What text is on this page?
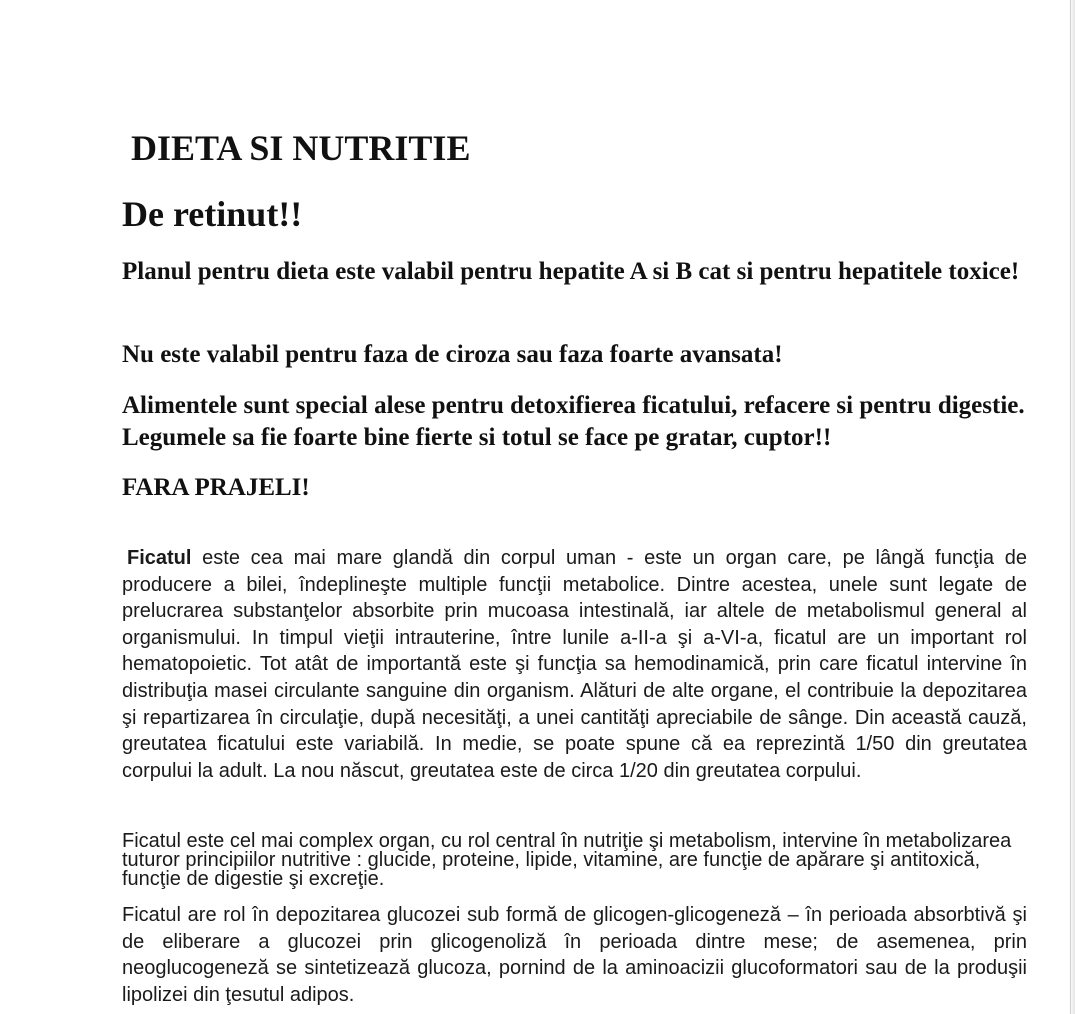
DIETA SI NUTRITIE
De retinut!!

Planul pentru dieta este valabil pentru hepatite A si B cat si pentru hepatitele toxice!

Nu este valabil pentru faza de ciroza sau faza foarte avansata!

Alimentele sunt special alese pentru detoxifierea ficatului, refacere si pentru digestie. Legumele sa fie foarte bine fierte si totul se face pe gratar, cuptor!!

FARA PRAJELI!

Ficatul este cea mai mare glandă din corpul uman - este un organ care, pe lângă funcţia de producere a bilei, îndeplineşte multiple funcţii metabolice. Dintre acestea, unele sunt legate de prelucrarea substanţelor absorbite prin mucoasa intestinală, iar altele de metabolismul general al organismului. In timpul vieţii intrauterine, între lunile a-II-a şi a-VI-a, ficatul are un important rol hematopoietic. Tot atât de importantă este şi funcţia sa hemodinamică, prin care ficatul intervine în distribuţia masei circulante sanguine din organism. Alături de alte organe, el contribuie la depozitarea şi repartizarea în circulaţie, după necesităţi, a unei cantităţi apreciabile de sânge. Din această cauză, greutatea ficatului este variabilă. In medie, se poate spune că ea reprezintă 1/50 din greutatea corpului la adult. La nou născut, greutatea este de circa 1/20 din greutatea corpului.

Ficatul este cel mai complex organ, cu rol central în nutriţie şi metabolism, intervine în metabolizarea tuturor principiilor nutritive : glucide, proteine, lipide, vitamine, are funcţie de apărare şi antitoxică, funcţie de digestie şi excreţie.

Ficatul are rol în depozitarea glucozei sub formă de glicogen-glicogeneză – în perioada absorbtivă şi de eliberare a glucozei prin glicogenoliză în perioada dintre mese; de asemenea, prin neoglucogeneză se sintetizează glucoza, pornind de la aminoacizii glucoformatori sau de la produşii lipolizei din ţesutul adipos.
